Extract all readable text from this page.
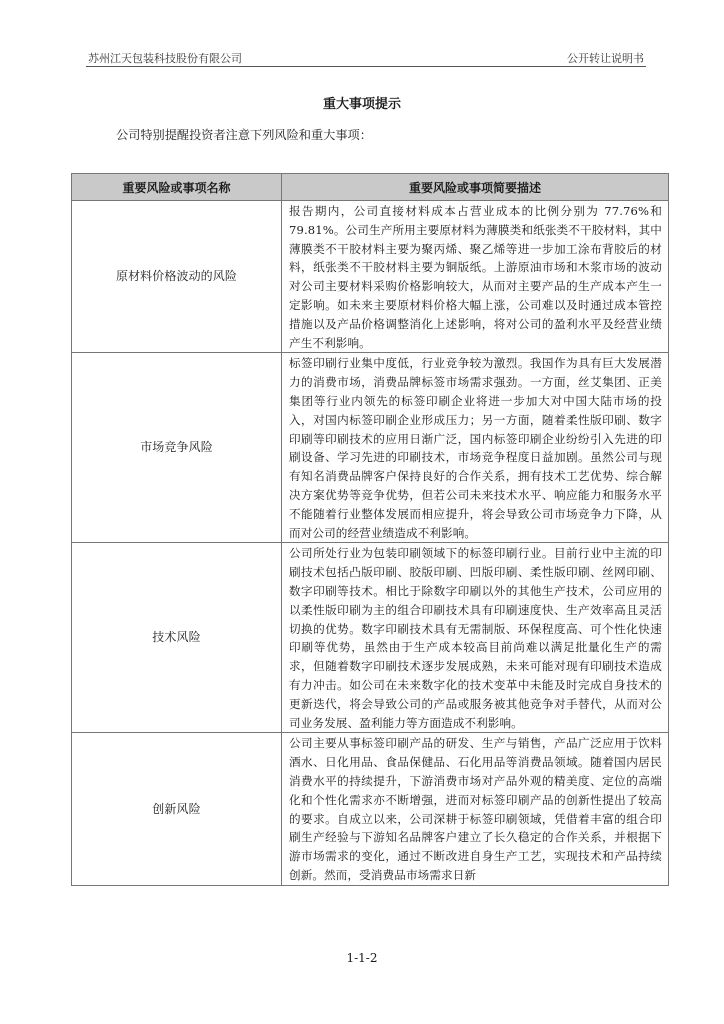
苏州江天包装科技股份有限公司	公开转让说明书
重大事项提示
公司特别提醒投资者注意下列风险和重大事项：
重要风险或事项名称	重要风险或事项简要描述
原材料价格波动的风险	报告期内，公司直接材料成本占营业成本的比例分别为 77.76%和 79.81%。公司生产所用主要原材料为薄膜类和纸张类不干胶材料，其中薄膜类不干胶材料主要为聚丙烯、聚乙烯等进一步加工涂布背胶后的材料，纸张类不干胶材料主要为铜版纸。上游原油市场和木浆市场的波动对公司主要材料采购价格影响较大，从而对主要产品的生产成本产生一定影响。如未来主要原材料价格大幅上涨，公司难以及时通过成本管控措施以及产品价格调整消化上述影响，将对公司的盈利水平及经营业绩产生不利影响。
市场竞争风险	标签印刷行业集中度低，行业竞争较为激烈。我国作为具有巨大发展潜力的消费市场，消费品牌标签市场需求强劲。一方面，丝艾集团、正美集团等行业内领先的标签印刷企业将进一步加大对中国大陆市场的投入，对国内标签印刷企业形成压力；另一方面，随着柔性版印刷、数字印刷等印刷技术的应用日渐广泛，国内标签印刷企业纷纷引入先进的印刷设备、学习先进的印刷技术，市场竞争程度日益加剧。虽然公司与现有知名消费品牌客户保持良好的合作关系，拥有技术工艺优势、综合解决方案优势等竞争优势，但若公司未来技术水平、响应能力和服务水平不能随着行业整体发展而相应提升，将会导致公司市场竞争力下降，从而对公司的经营业绩造成不利影响。
技术风险	公司所处行业为包装印刷领域下的标签印刷行业。目前行业中主流的印刷技术包括凸版印刷、胶版印刷、凹版印刷、柔性版印刷、丝网印刷、数字印刷等技术。相比于除数字印刷以外的其他生产技术，公司应用的以柔性版印刷为主的组合印刷技术具有印刷速度快、生产效率高且灵活切换的优势。数字印刷技术具有无需制版、环保程度高、可个性化快速印刷等优势，虽然由于生产成本较高目前尚难以满足批量化生产的需求，但随着数字印刷技术逐步发展成熟，未来可能对现有印刷技术造成有力冲击。如公司在未来数字化的技术变革中未能及时完成自身技术的更新迭代，将会导致公司的产品或服务被其他竞争对手替代，从而对公司业务发展、盈利能力等方面造成不利影响。
创新风险	公司主要从事标签印刷产品的研发、生产与销售，产品广泛应用于饮料酒水、日化用品、食品保健品、石化用品等消费品领域。随着国内居民消费水平的持续提升，下游消费市场对产品外观的精美度、定位的高端化和个性化需求亦不断增强，进而对标签印刷产品的创新性提出了较高的要求。自成立以来，公司深耕于标签印刷领域，凭借着丰富的组合印刷生产经验与下游知名品牌客户建立了长久稳定的合作关系，并根据下游市场需求的变化，通过不断改进自身生产工艺，实现技术和产品持续创新。然而，受消费品市场需求日新
1-1-2
